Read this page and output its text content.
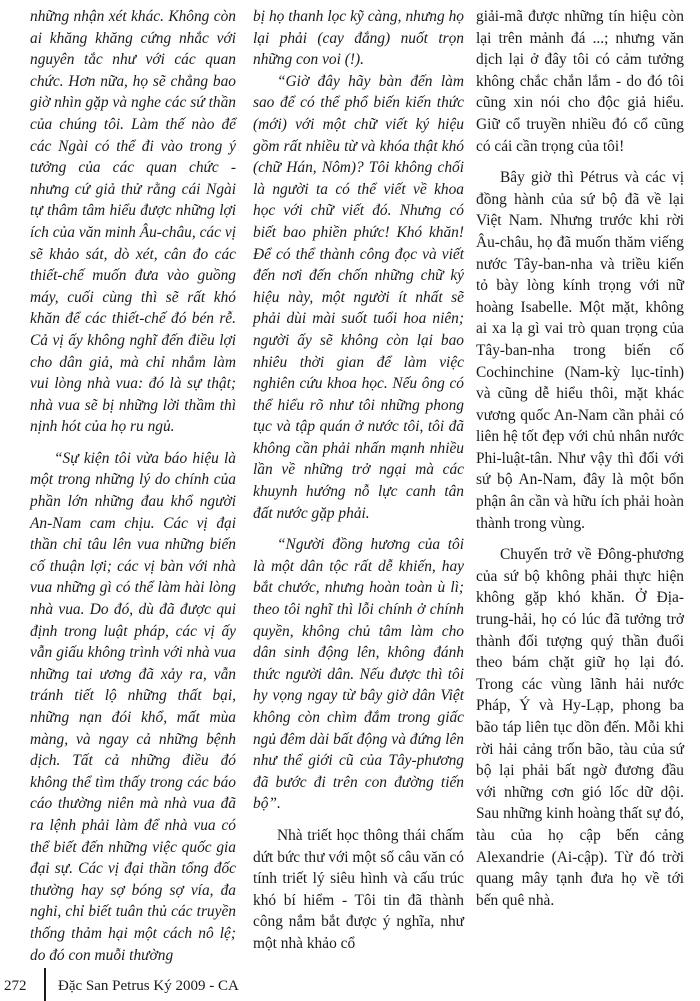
những nhận xét khác. Không còn ai khăng khăng cứng nhắc với nguyên tắc như với các quan chức. Hơn nữa, họ sẽ chẳng bao giờ nhìn gặp và nghe các sứ thần của chúng tôi. Làm thế nào để các Ngài có thể đi vào trong ý tưởng của các quan chức - nhưng cứ giả thử rằng cái Ngài tự thâm tâm hiểu được những lợi ích của văn minh Âu-châu, các vị sẽ khảo sát, dò xét, cân đo các thiết-chế muốn đưa vào guồng máy, cuối cùng thì sẽ rất khó khăn để các thiết-chế đó bén rễ. Cả vị ấy không nghĩ đến điều lợi cho dân giả, mà chỉ nhắm làm vui lòng nhà vua: đó là sự thật; nhà vua sẽ bị những lời thầm thì nịnh hót của họ ru ngủ.

“Sự kiện tôi vừa báo hiệu là một trong những lý do chính của phần lớn những đau khổ người An-Nam cam chịu. Các vị đại thần chỉ tâu lên vua những biến cố thuận lợi; các vị bàn với nhà vua những gì có thể làm hài lòng nhà vua. Do đó, dù đã được qui định trong luật pháp, các vị ấy vẫn giấu không trình với nhà vua những tai ương đã xảy ra, vẫn tránh tiết lộ những thất bại, những nạn đói khổ, mất mùa màng, và ngay cả những bệnh dịch. Tất cả những điều đó không thể tìm thấy trong các báo cáo thường niên mà nhà vua đã ra lệnh phải làm để nhà vua có thể biết đến những việc quốc gia đại sự. Các vị đại thần tổng đốc thường hay sợ bóng sợ vía, đa nghi, chỉ biết tuân thủ các truyền thống thảm hại một cách nô lệ; do đó con muỗi thường

bị họ thanh lọc kỹ càng, nhưng họ lại phải (cay đắng) nuốt trọn những con voi (!).

“Giờ đây hãy bàn đến làm sao để có thể phổ biến kiến thức (mới) với một chữ viết ký hiệu gồm rất nhiều từ và khóa thật khó (chữ Hán, Nôm)? Tôi không chối là người ta có thể viết về khoa học với chữ viết đó. Nhưng có biết bao phiền phức! Khó khăn! Để có thể thành công đọc và viết đến nơi đến chốn những chữ ký hiệu này, một người ít nhất sẽ phải dùi mài suốt tuổi hoa niên; người ấy sẽ không còn lại bao nhiêu thời gian để làm việc nghiên cứu khoa học. Nếu ông có thể hiểu rõ như tôi những phong tục và tập quán ở nước tôi, tôi đã không cần phải nhấn mạnh nhiều lần về những trở ngại mà các khuynh hướng nỗ lực canh tân đất nước gặp phải.

“Người đồng hương của tôi là một dân tộc rất dễ khiến, hay bắt chước, nhưng hoàn toàn ù lì; theo tôi nghĩ thì lỗi chính ở chính quyền, không chủ tâm làm cho dân sinh động lên, không đánh thức người dân. Nếu được thì tôi hy vọng ngay từ bây giờ dân Việt không còn chìm đắm trong giấc ngủ đêm dài bất động và đứng lên như thể giới cũ của Tây-phương đã bước đi trên con đường tiến bộ”.

Nhà triết học thông thái chấm dứt bức thư với một số câu văn có tính triết lý siêu hình và cấu trúc khó bí hiểm - Tôi tin đã thành công nắm bắt được ý nghĩa, như một nhà khảo cổ

giải-mã được những tín hiệu còn lại trên mảnh đá ...; nhưng văn dịch lại ở đây tôi có cảm tưởng không chắc chắn lắm - do đó tôi cũng xin nói cho độc giả hiểu. Giữ cổ truyền nhiều đó cổ cũng có cái cần trọng của tôi!

Bây giờ thì Pétrus và các vị đồng hành của sứ bộ đã về lại Việt Nam. Nhưng trước khi rời Âu-châu, họ đã muốn thăm viếng nước Tây-ban-nha và triều kiến tỏ bày lòng kính trọng với nữ hoàng Isabelle. Một mặt, không ai xa lạ gì vai trò quan trọng của Tây-ban-nha trong biến cố Cochinchine (Nam-kỳ lục-tỉnh) và cũng dễ hiểu thôi, mặt khác vương quốc An-Nam cần phải có liên hệ tốt đẹp với chủ nhân nước Phi-luật-tân. Như vậy thì đối với sứ bộ An-Nam, đây là một bổn phận ân cần và hữu ích phải hoàn thành trong vùng.

Chuyến trở về Đông-phương của sứ bộ không phải thực hiện không gặp khó khăn. Ở Địa-trung-hải, họ có lúc đã tưởng trở thành đối tượng quý thần đuổi theo bám chặt giữ họ lại đó. Trong các vùng lãnh hải nước Pháp, Ý và Hy-Lạp, phong ba bão táp liên tục dồn đến. Mỗi khi rời hải cảng trốn bão, tàu của sứ bộ lại phải bất ngờ đương đầu với những cơn gió lốc dữ dội. Sau những kinh hoàng thất sự đó, tàu của họ cập bến cảng Alexandrie (Ai-cập). Từ đó trời quang mây tạnh đưa họ về tới bến quê nhà.

272 Đặc San Petrus Ký 2009 - CA
